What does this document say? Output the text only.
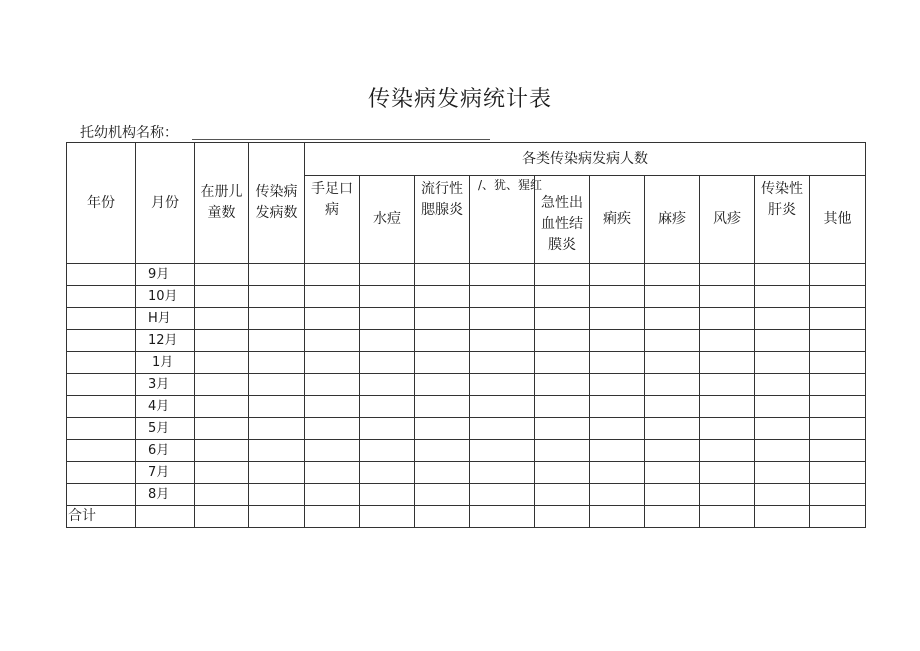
传染病发病统计表
托幼机构名称：
年份	月份	在册儿童数	传染病发病数	各类传染病发病人数									

				手足口病	水痘	流行性腮腺炎	/、犹、猩红	急性出血性结膜炎	痢疾	麻疹	风疹	传染性肝炎	其他
	9月												
	10月												
	H月												
	12月												
	1月												
	3月												
	4月												
	5月												
	6月												
	7月												
	8月												
合计													
